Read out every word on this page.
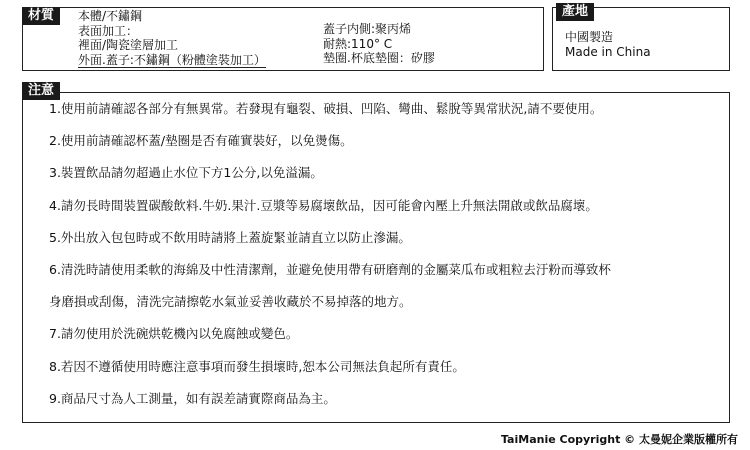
本體/不鏽鋼
表面加工：
裡面/陶瓷塗層加工
外面.蓋子:不鏽鋼（粉體塗裝加工）
蓋子内側:聚丙烯
耐熱:110° C
墊圈.杯底墊圈：矽膠
材質
中國製造
Made in China
產地
1.使用前請確認各部分有無異常。若發現有龜裂、破損、凹陷、彎曲、鬆脫等異常狀況,請不要使用。
2.使用前請確認杯蓋/墊圈是否有確實裝好，以免燙傷。
3.裝置飲品請勿超過止水位下方1公分,以免溢漏。
4.請勿長時間裝置碳酸飲料.牛奶.果汁.豆漿等易腐壞飲品，因可能會內壓上升無法開啟或飲品腐壞。
5.外出放入包包時或不飲用時請將上蓋旋緊並請直立以防止滲漏。
6.清洗時請使用柔軟的海綿及中性清潔劑，並避免使用帶有研磨劑的金屬菜瓜布或粗粒去汙粉而導致杯
身磨損或刮傷，清洗完請擦乾水氣並妥善收藏於不易掉落的地方。
7.請勿使用於洗碗烘乾機內以免腐蝕或變色。
8.若因不遵循使用時應注意事項而發生損壞時,恕本公司無法負起所有責任。
9.商品尺寸為人工測量，如有誤差請實際商品為主。
注意
TaiManie Copyright © 太曼妮企業版權所有
